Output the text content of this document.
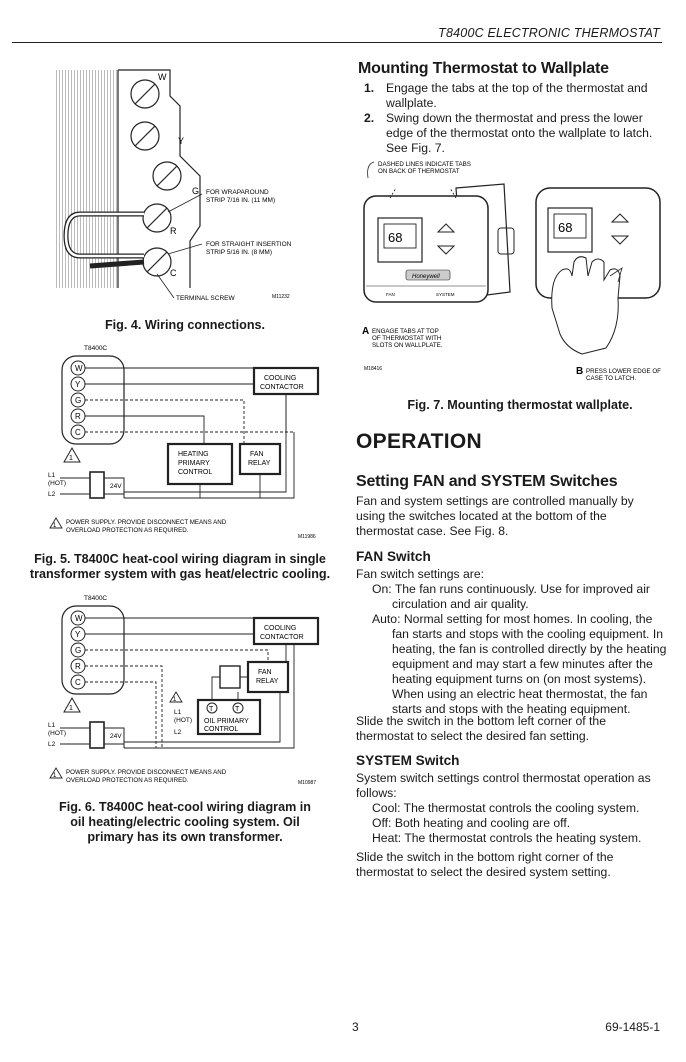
T8400C ELECTRONIC THERMOSTAT
W
Y
G
R
C
FOR WRAPAROUND
STRIP 7/16 IN. (11 MM)
FOR STRAIGHT INSERTION
STRIP 5/16 IN. (8 MM)
TERMINAL SCREW	M11232
Fig. 4. Wiring connections.
T8400C
W
Y
G
R
C
COOLING
CONTACTOR
HEATING
PRIMARY
CONTROL
FAN
RELAY
1
L1
(HOT)
L2
24V
1 POWER SUPPLY. PROVIDE DISCONNECT MEANS AND
OVERLOAD PROTECTION AS REQUIRED.
M11986
Fig. 5. T8400C heat-cool wiring diagram in single
transformer system with gas heat/electric cooling.
T8400C
W
Y
G
R
C
COOLING
CONTACTOR
FAN
RELAY
T	T
OIL PRIMARY
CONTROL
L1
(HOT)
L2
1
1
L1
(HOT)
L2
24V
1 POWER SUPPLY. PROVIDE DISCONNECT MEANS AND
OVERLOAD PROTECTION AS REQUIRED.	M10987
Fig. 6. T8400C heat-cool wiring diagram in
oil heating/electric cooling system. Oil
primary has its own transformer.
Mounting Thermostat to Wallplate
1. Engage the tabs at the top of the thermostat and wallplate.
2. Swing down the thermostat and press the lower edge of the thermostat onto the wallplate to latch. See Fig. 7.
DASHED LINES INDICATE TABS
ON BACK OF THERMOSTAT
68
Honeywell
FAN	SYSTEM
68
A ENGAGE TABS AT TOP
OF THERMOSTAT WITH
SLOTS ON WALLPLATE.
M18416	B PRESS LOWER EDGE OF
CASE TO LATCH.
Fig. 7. Mounting thermostat wallplate.
OPERATION
Setting FAN and SYSTEM Switches
Fan and system settings are controlled manually by using the switches located at the bottom of the thermostat case. See Fig. 8.
FAN Switch
Fan switch settings are:
On: The fan runs continuously. Use for improved air circulation and air quality.
Auto: Normal setting for most homes. In cooling, the fan starts and stops with the cooling equipment. In heating, the fan is controlled directly by the heating equipment and may start a few minutes after the heating equipment turns on (on most systems). When using an electric heat thermostat, the fan starts and stops with the heating equipment.
Slide the switch in the bottom left corner of the thermostat to select the desired fan setting.
SYSTEM Switch
System switch settings control thermostat operation as follows:
Cool: The thermostat controls the cooling system.
Off: Both heating and cooling are off.
Heat: The thermostat controls the heating system.
Slide the switch in the bottom right corner of the thermostat to select the desired system setting.
3	69-1485-1
